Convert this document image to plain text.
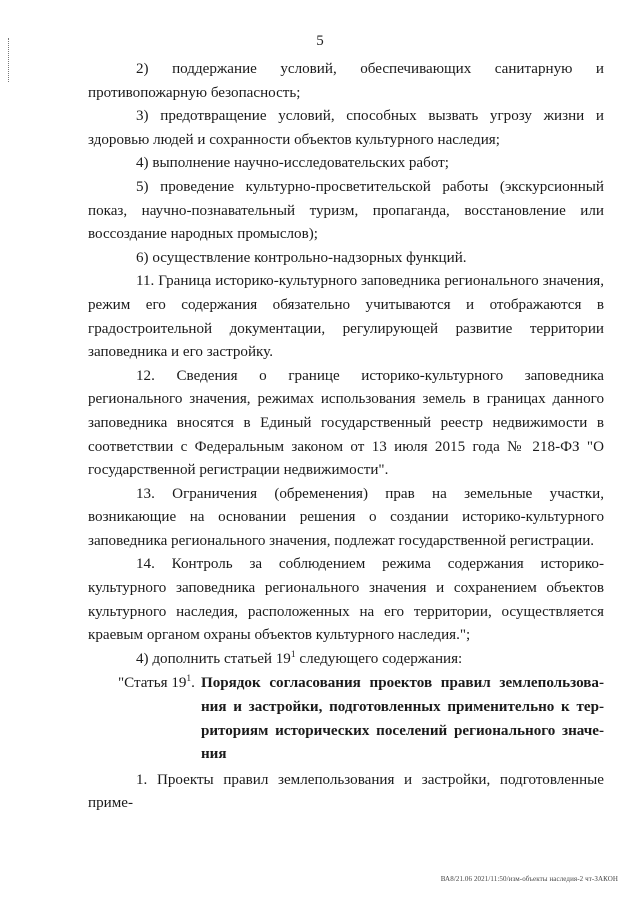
5

2) поддержание условий, обеспечивающих санитарную и противопожарную безопасность;

3) предотвращение условий, способных вызвать угрозу жизни и здоровью людей и сохранности объектов культурного наследия;

4) выполнение научно-исследовательских работ;

5) проведение культурно-просветительской работы (экскурсионный показ, научно-познавательный туризм, пропаганда, восстановление или воссоздание народных промыслов);

6) осуществление контрольно-надзорных функций.

11. Граница историко-культурного заповедника регионального значения, режим его содержания обязательно учитываются и отображаются в градостроительной документации, регулирующей развитие территории заповедника и его застройку.

12. Сведения о границе историко-культурного заповедника регионального значения, режимах использования земель в границах данного заповедника вносятся в Единый государственный реестр недвижимости в соответствии с Федеральным законом от 13 июля 2015 года № 218-ФЗ "О государственной регистрации недвижимости".

13. Ограничения (обременения) прав на земельные участки, возникающие на основании решения о создании историко-культурного заповедника регионального значения, подлежат государственной регистрации.

14. Контроль за соблюдением режима содержания историко-культурного заповедника регионального значения и сохранением объектов культурного наследия, расположенных на его территории, осуществляется краевым органом охраны объектов культурного наследия.";

4) дополнить статьей $19^1$ следующего содержания:

"Статья $19^1$. Порядок согласования проектов правил землепользова-
ния и застройки, подготовленных применительно к тер-
риториям исторических поселений регионального значе-
ния

1. Проекты правил землепользования и застройки, подготовленные приме-

ВА8/21.06 2021/11:50/изм-объекты наследия-2 чт-ЗАКОН
